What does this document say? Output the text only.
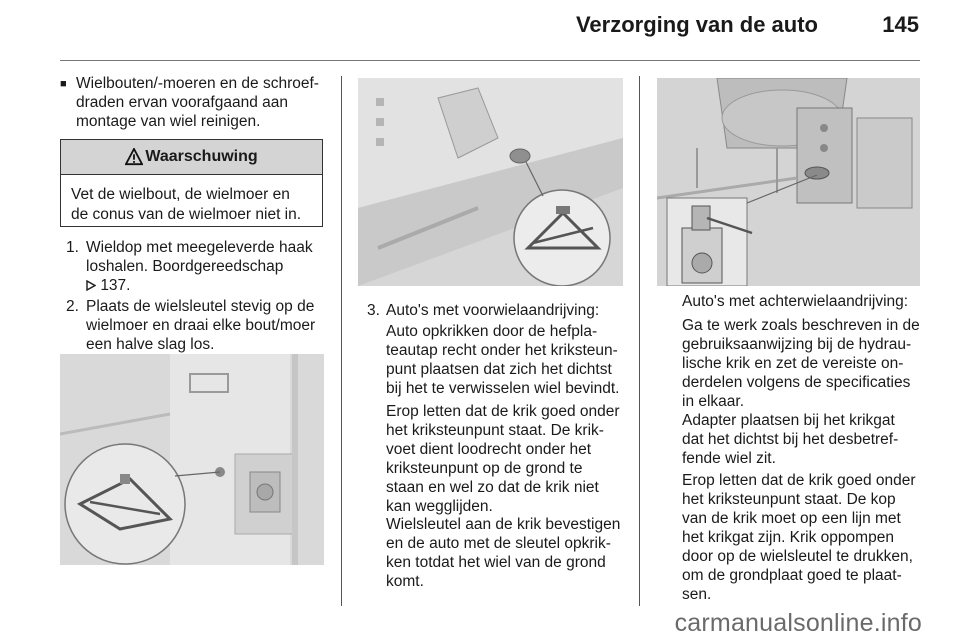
Verzorging van de auto	145
■ Wielbouten/-moeren en de schroef-
draden ervan voorafgaand aan
montage van wiel reinigen.
Waarschuwing
Vet de wielbout, de wielmoer en
de conus van de wielmoer niet in.
1. Wieldop met meegeleverde haak
loshalen. Boordgereedschap
137.
2. Plaats de wielsleutel stevig op de
wielmoer en draai elke bout/moer
een halve slag los.
3. Auto's met voorwielaandrijving:
Auto opkrikken door de hefpla-
teautap recht onder het kriksteun-
punt plaatsen dat zich het dichtst
bij het te verwisselen wiel bevindt.
Erop letten dat de krik goed onder
het kriksteunpunt staat. De krik-
voet dient loodrecht onder het
kriksteunpunt op de grond te
staan en wel zo dat de krik niet
kan wegglijden.
Wielsleutel aan de krik bevestigen
en de auto met de sleutel opkrik-
ken totdat het wiel van de grond
komt.
Auto's met achterwielaandrijving:
Ga te werk zoals beschreven in de
gebruiksaanwijzing bij de hydrau-
lische krik en zet de vereiste on-
derdelen volgens de specificaties
in elkaar.
Adapter plaatsen bij het krikgat
dat het dichtst bij het desbetref-
fende wiel zit.
Erop letten dat de krik goed onder
het kriksteunpunt staat. De kop
van de krik moet op een lijn met
het krikgat zijn. Krik oppompen
door op de wielsleutel te drukken,
om de grondplaat goed te plaat-
sen.
carmanualsonline.info
